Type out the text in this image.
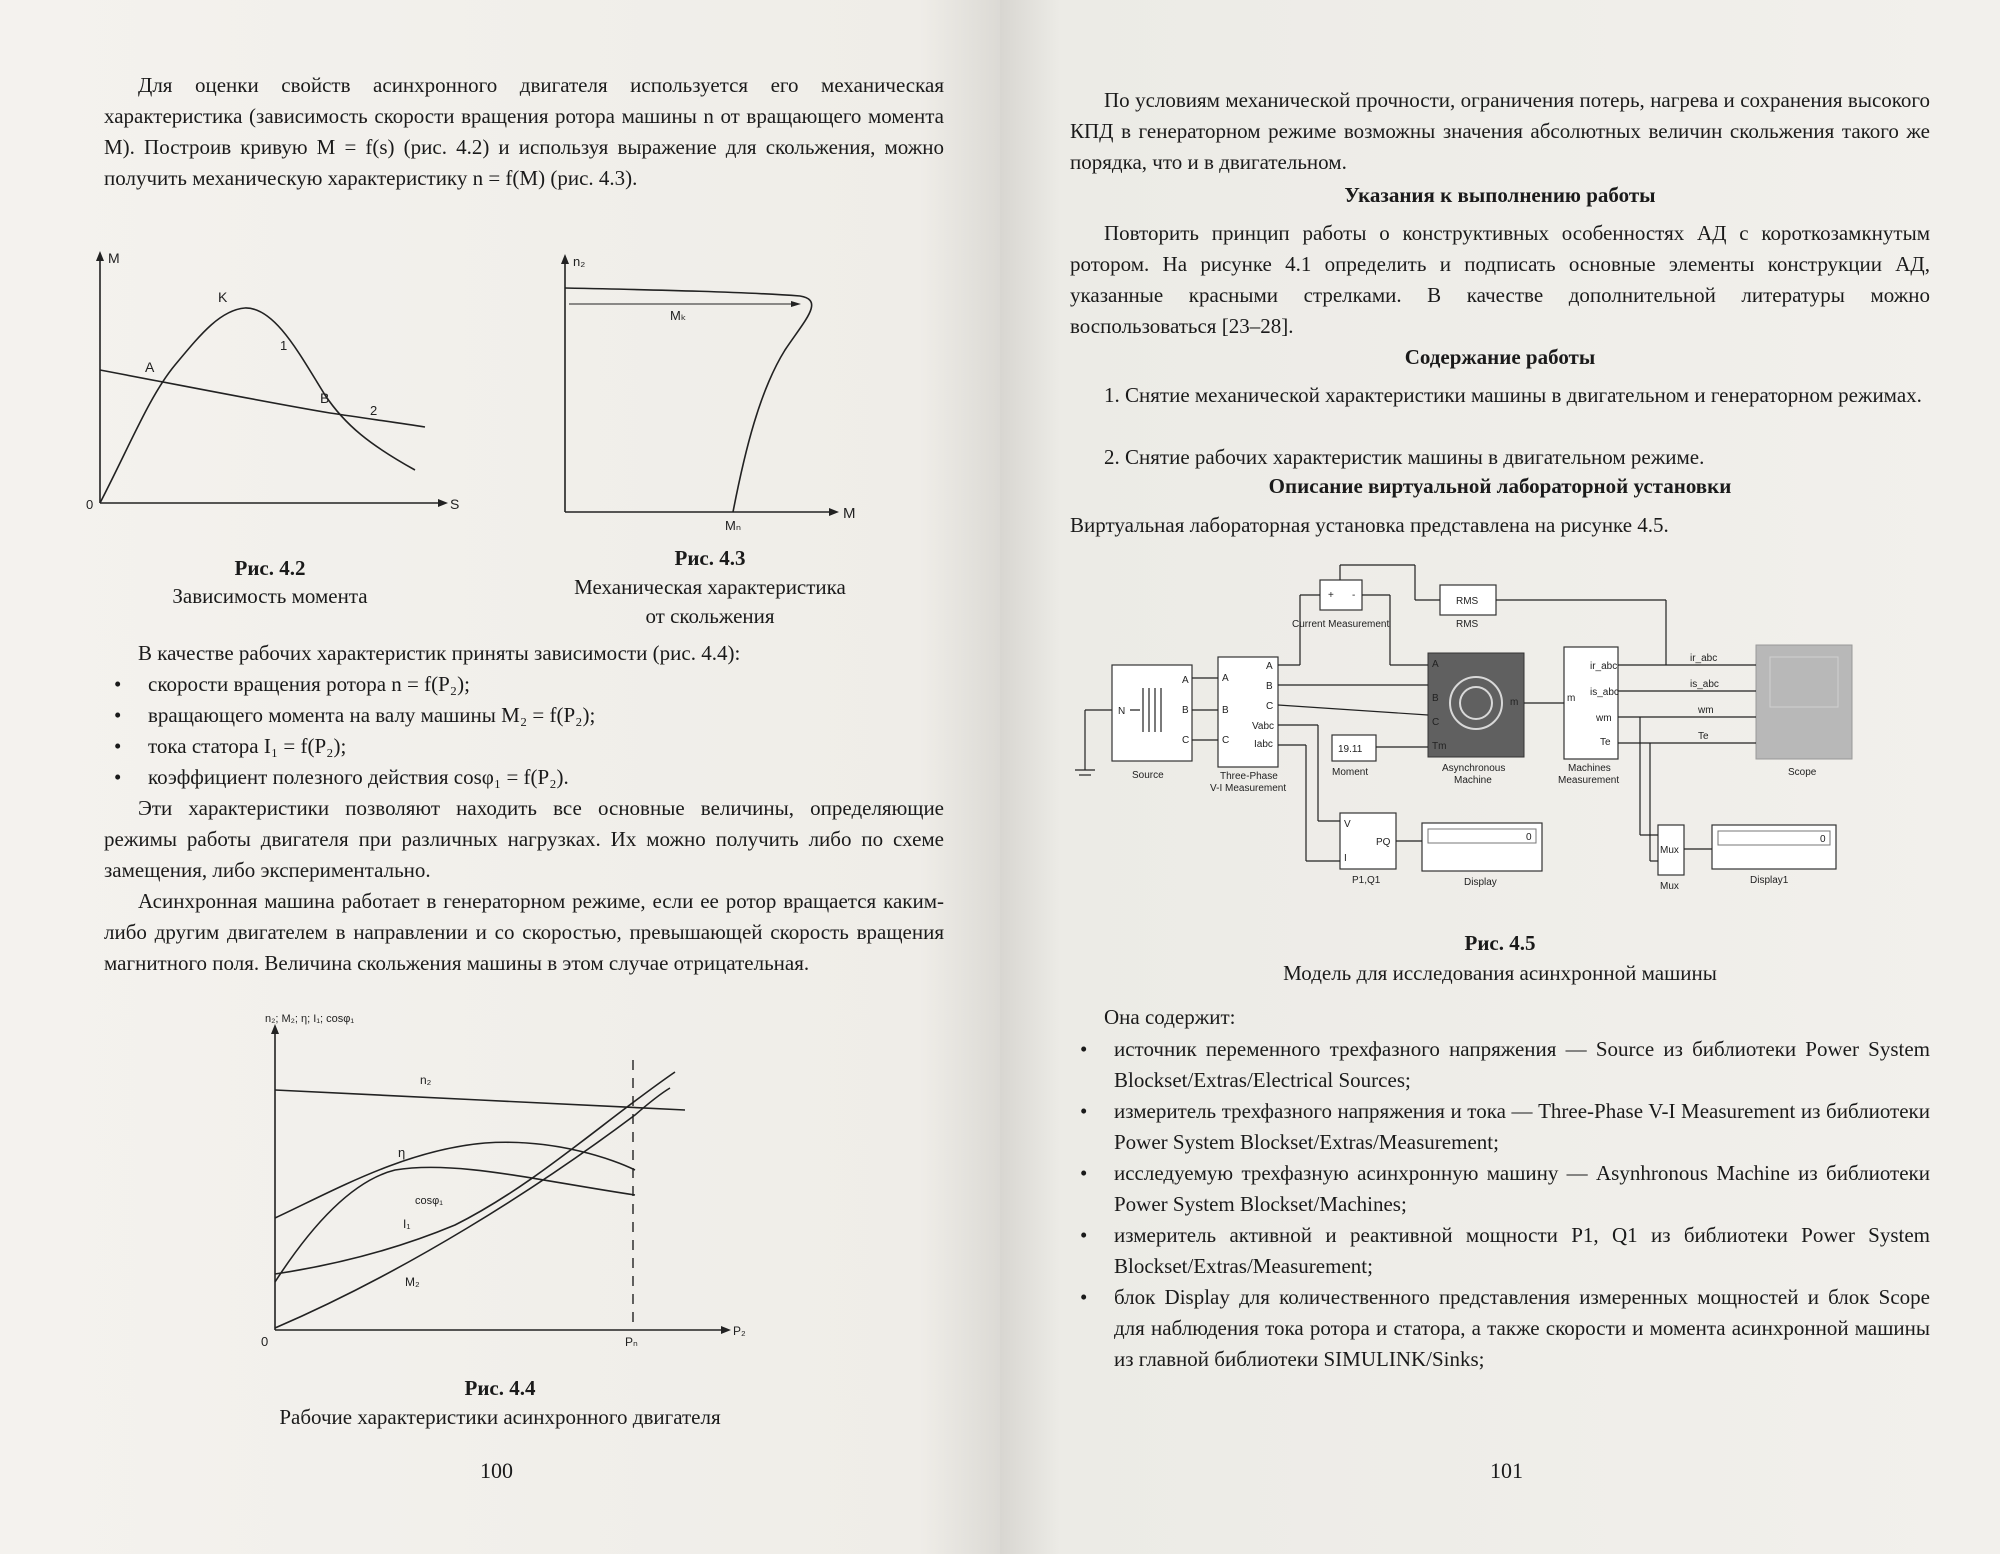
Для оценки свойств асинхронного двигателя используется его механическая характеристика (зависимость скорости вращения ротора машины n от вращающего момента M). Построив кривую M = f(s) (рис. 4.2) и используя выражение для скольжения, можно получить механическую характеристику n = f(M) (рис. 4.3).

M
S
0
K
A
B
1
2
Рис. 4.2
Зависимость момента
n₂
M
Mₖ
Mₙ
Рис. 4.3
Механическая характеристика
от скольжения

В качестве рабочих характеристик приняты зависимости (рис. 4.4):

• скорости вращения ротора n = f(P₂);
• вращающего момента на валу машины M₂ = f(P₂);
• тока статора I₁ = f(P₂);
• коэффициент полезного действия cosφ₁ = f(P₂).

Эти характеристики позволяют находить все основные величины, определяющие режимы работы двигателя при различных нагрузках. Их можно получить либо по схеме замещения, либо экспериментально.

Асинхронная машина работает в генераторном режиме, если ее ротор вращается каким-либо другим двигателем в направлении и со скоростью, превышающей скорость вращения магнитного поля. Величина скольжения машины в этом случае отрицательная.

n₂; M₂; η; I₁; cosφ₁
P₂
0	Pₙ
n₂
η
cosφ₁
I₁
M₂
Рис. 4.4
Рабочие характеристики асинхронного двигателя
100

По условиям механической прочности, ограничения потерь, нагрева и сохранения высокого КПД в генераторном режиме возможны значения абсолютных величин скольжения такого же порядка, что и в двигательном.

Указания к выполнению работы

Повторить принцип работы о конструктивных особенностях АД с короткозамкнутым ротором. На рисунке 4.1 определить и подписать основные элементы конструкции АД, указанные красными стрелками. В качестве дополнительной литературы можно воспользоваться [23–28].

Содержание работы

1. Снятие механической характеристики машины в двигательном и генераторном режимах.

2. Снятие рабочих характеристик машины в двигательном режиме.

Описание виртуальной лабораторной установки

Виртуальная лабораторная установка представлена на рисунке 4.5.

N
A
B
C
Source
A
B
C
A
B
C
Vabc
Iabc
Three-Phase
V-I Measurement
+ -
Current Measurement
RMS
RMS
A
B
C
Tm
m
Asynchronous
Machine
19.11
Moment
m
ir_abc
is_abc
wm
Te
Machines
Measurement
Scope
ir_abc
is_abc
wm
Te
V
I
PQ
P1,Q1
0
Display
Mux
Mux
0
Display1
Рис. 4.5
Модель для исследования асинхронной машины

Она содержит:

• источник переменного трехфазного напряжения — Source из библиотеки Power System Blockset/Extras/Electrical Sources;
• измеритель трехфазного напряжения и тока — Three-Phase V-I Measurement из библиотеки Power System Blockset/Extras/Measurement;
• исследуемую трехфазную асинхронную машину — Asynhronous Machine из библиотеки Power System Blockset/Machines;
• измеритель активной и реактивной мощности P1, Q1 из библиотеки Power System Blockset/Extras/Measurement;
• блок Display для количественного представления измеренных мощностей и блок Scope для наблюдения тока ротора и статора, а также скорости и момента асинхронной машины из главной библиотеки SIMULINK/Sinks;
101
